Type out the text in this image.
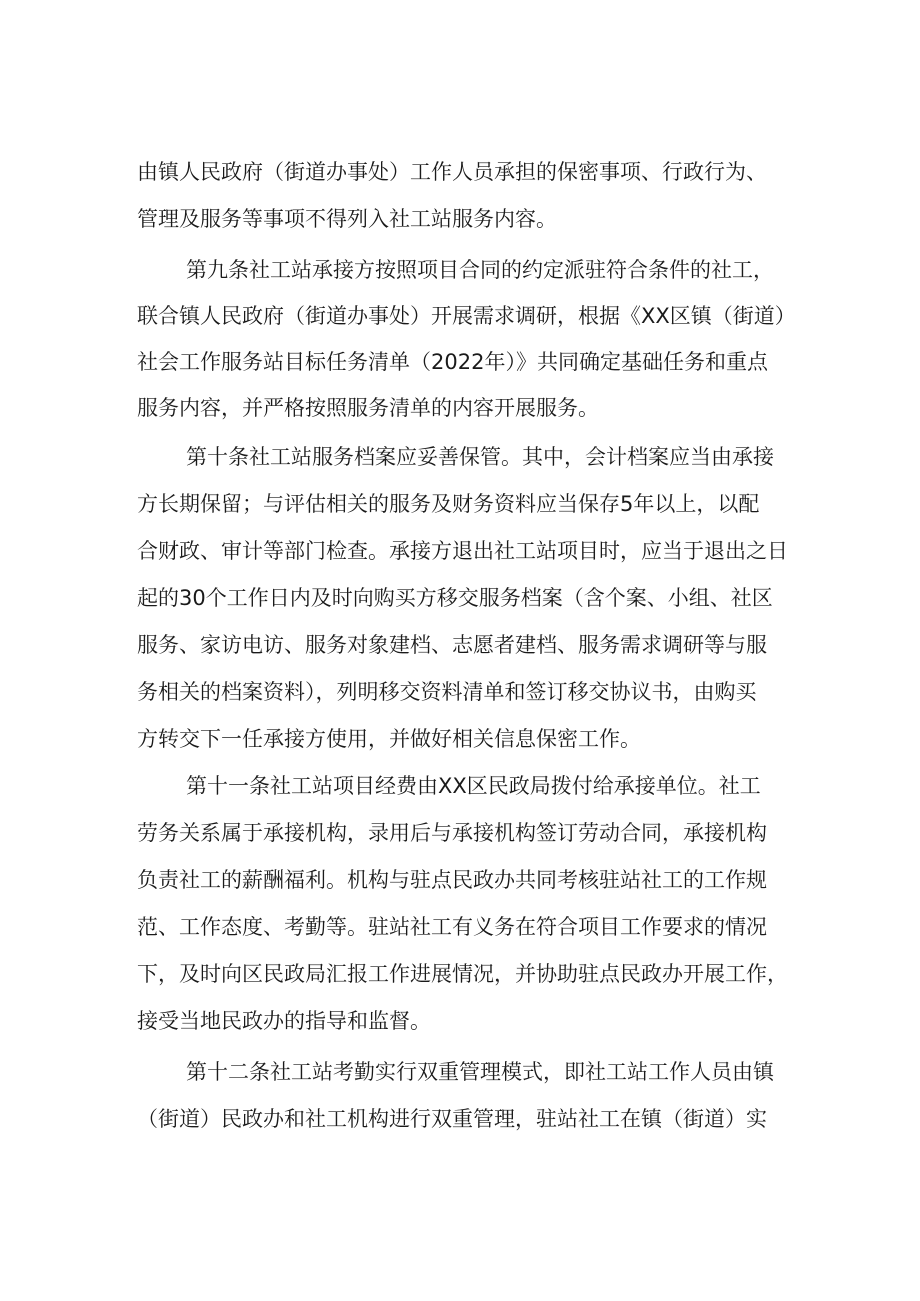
由镇人民政府（街道办事处）工作人员承担的保密事项、行政行为、
管理及服务等事项不得列入社工站服务内容。
第九条社工站承接方按照项目合同的约定派驻符合条件的社工，
联合镇人民政府（街道办事处）开展需求调研，根据《XX区镇（街道）
社会工作服务站目标任务清单（2022年）》共同确定基础任务和重点
服务内容，并严格按照服务清单的内容开展服务。
第十条社工站服务档案应妥善保管。其中，会计档案应当由承接
方长期保留；与评估相关的服务及财务资料应当保存5年以上，以配
合财政、审计等部门检查。承接方退出社工站项目时，应当于退出之日
起的30个工作日内及时向购买方移交服务档案（含个案、小组、社区
服务、家访电访、服务对象建档、志愿者建档、服务需求调研等与服
务相关的档案资料），列明移交资料清单和签订移交协议书，由购买
方转交下一任承接方使用，并做好相关信息保密工作。
第十一条社工站项目经费由XX区民政局拨付给承接单位。社工
劳务关系属于承接机构，录用后与承接机构签订劳动合同，承接机构
负责社工的薪酬福利。机构与驻点民政办共同考核驻站社工的工作规
范、工作态度、考勤等。驻站社工有义务在符合项目工作要求的情况
下，及时向区民政局汇报工作进展情况，并协助驻点民政办开展工作，
接受当地民政办的指导和监督。
第十二条社工站考勤实行双重管理模式，即社工站工作人员由镇
（街道）民政办和社工机构进行双重管理，驻站社工在镇（街道）实
